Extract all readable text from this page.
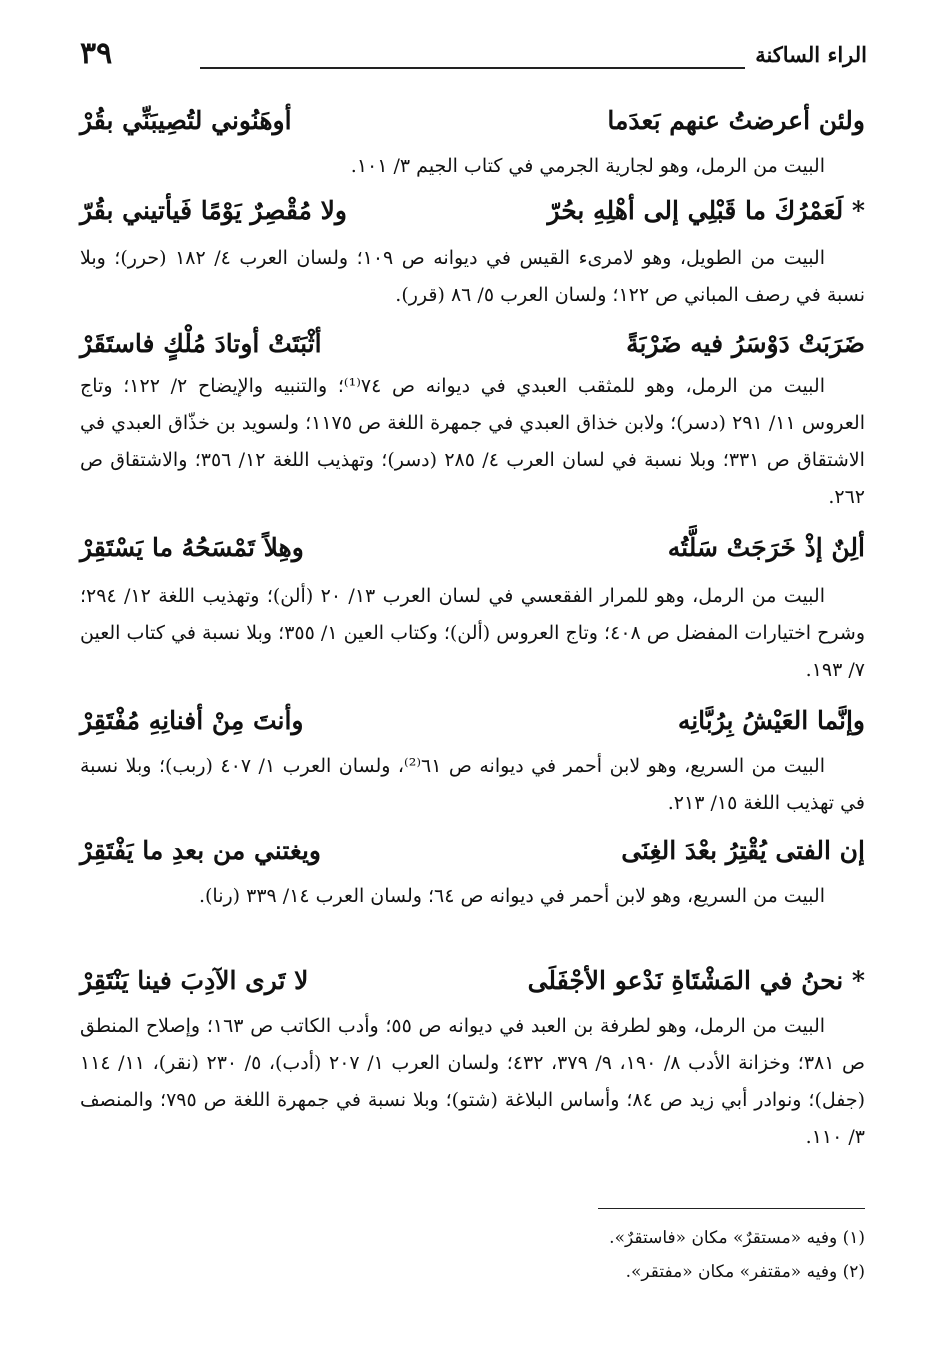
الراء الساكنة
٣٩
ولئن أعرضتُ عنهم بَعدَما
أوهَنُوني لتُصِيبَنِّي بقُرْ
البيت من الرمل، وهو لجارية الجرمي في كتاب الجيم ٣/ ١٠١.
* لَعَمْرُكَ ما قَبْلِي إلى أهْلِهِ بحُرّ
ولا مُقْصِرٌ يَوْمًا فَيأتيني بقُرّ
البيت من الطويل، وهو لامرىء القيس في ديوانه ص ١٠٩؛ ولسان العرب ٤/ ١٨٢ (حرر)؛ وبلا نسبة في رصف المباني ص ١٢٢؛ ولسان العرب ٥/ ٨٦ (قرر).
ضَرَبَتْ دَوْسَرُ فيه ضَرْبَةً
أثْبَتَتْ أوتادَ مُلْكٍ فاستَقَرْ
البيت من الرمل، وهو للمثقب العبدي في ديوانه ص ٧٤⁽¹⁾؛ والتنبيه والإيضاح ٢/ ١٢٢؛ وتاج العروس ١١/ ٢٩١ (دسر)؛ ولابن خذاق العبدي في جمهرة اللغة ص ١١٧٥؛ ولسويد بن خذّاق العبدي في الاشتقاق ص ٣٣١؛ وبلا نسبة في لسان العرب ٤/ ٢٨٥ (دسر)؛ وتهذيب اللغة ١٢/ ٣٥٦؛ والاشتقاق ص ٢٦٢.
ألِنٌ إذْ خَرَجَتْ سَلَّتُه
وهِلاً تَمْسَحُهُ ما يَسْتَقِرْ
البيت من الرمل، وهو للمرار الفقعسي في لسان العرب ١٣/ ٢٠ (ألن)؛ وتهذيب اللغة ١٢/ ٢٩٤؛ وشرح اختيارات المفضل ص ٤٠٨؛ وتاج العروس (ألن)؛ وكتاب العين ١/ ٣٥٥؛ وبلا نسبة في كتاب العين ٧/ ١٩٣.
وإنَّما العَيْشُ بِرُبَّانِه
وأنتَ مِنْ أفنانِهِ مُفْتَقِرْ
البيت من السريع، وهو لابن أحمر في ديوانه ص ٦١⁽²⁾، ولسان العرب ١/ ٤٠٧ (ربب)؛ وبلا نسبة في تهذيب اللغة ١٥/ ٢١٣.
إن الفتى يُقْتِرُ بعْدَ الغِنَى
ويغتني من بعدِ ما يَفْتَقِرْ
البيت من السريع، وهو لابن أحمر في ديوانه ص ٦٤؛ ولسان العرب ١٤/ ٣٣٩ (رنا).
* نحنُ في المَشْتَاةِ نَدْعو الأجْفَلَى
لا تَرى الآدِبَ فينا يَنْتَقِرْ
البيت من الرمل، وهو لطرفة بن العبد في ديوانه ص ٥٥؛ وأدب الكاتب ص ١٦٣؛ وإصلاح المنطق ص ٣٨١؛ وخزانة الأدب ٨/ ١٩٠، ٩/ ٣٧٩، ٤٣٢؛ ولسان العرب ١/ ٢٠٧ (أدب)، ٥/ ٢٣٠ (نقر)، ١١/ ١١٤ (جفل)؛ ونوادر أبي زيد ص ٨٤؛ وأساس البلاغة (شتو)؛ وبلا نسبة في جمهرة اللغة ص ٧٩٥؛ والمنصف ٣/ ١١٠.
(١) وفيه «مستقرٌ» مكان «فاستقرٌ».
(٢) وفيه «مقتفر» مكان «مفتقر».
